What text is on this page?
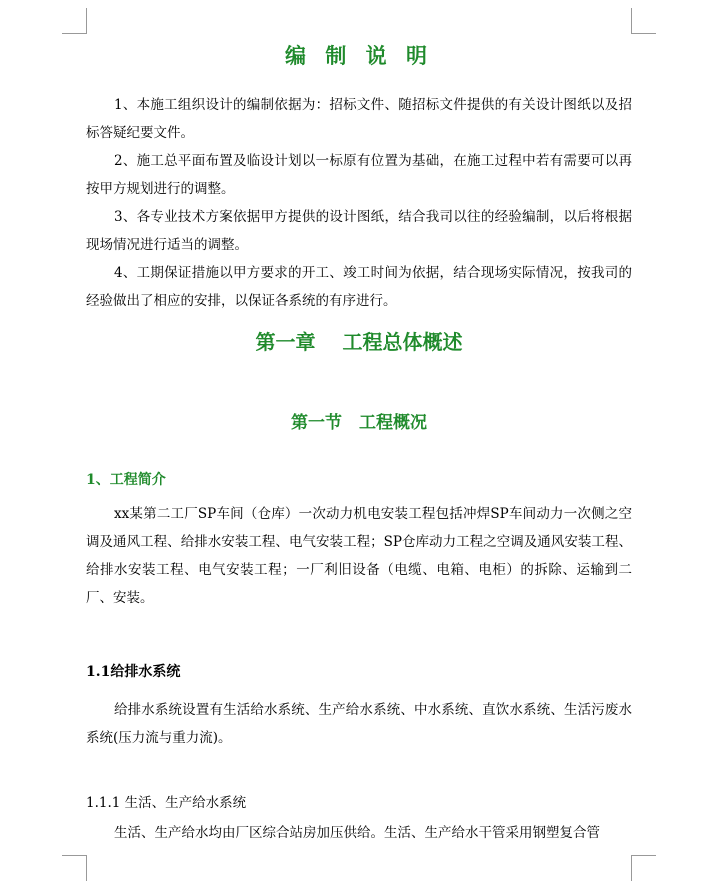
编 制 说 明
1、本施工组织设计的编制依据为：招标文件、随招标文件提供的有关设计图纸以及招标答疑纪要文件。
2、施工总平面布置及临设计划以一标原有位置为基础，在施工过程中若有需要可以再按甲方规划进行的调整。
3、各专业技术方案依据甲方提供的设计图纸，结合我司以往的经验编制，以后将根据现场情况进行适当的调整。
4、工期保证措施以甲方要求的开工、竣工时间为依据，结合现场实际情况，按我司的经验做出了相应的安排，以保证各系统的有序进行。
第一章　 工程总体概述
第一节　工程概况
1、工程简介
xx某第二工厂SP车间（仓库）一次动力机电安装工程包括冲焊SP车间动力一次侧之空调及通风工程、给排水安装工程、电气安装工程；SP仓库动力工程之空调及通风安装工程、给排水安装工程、电气安装工程；一厂利旧设备（电缆、电箱、电柜）的拆除、运输到二厂、安装。
1.1给排水系统
给排水系统设置有生活给水系统、生产给水系统、中水系统、直饮水系统、生活污废水系统(压力流与重力流)。
1.1.1 生活、生产给水系统
生活、生产给水均由厂区综合站房加压供给。生活、生产给水干管采用钢塑复合管
